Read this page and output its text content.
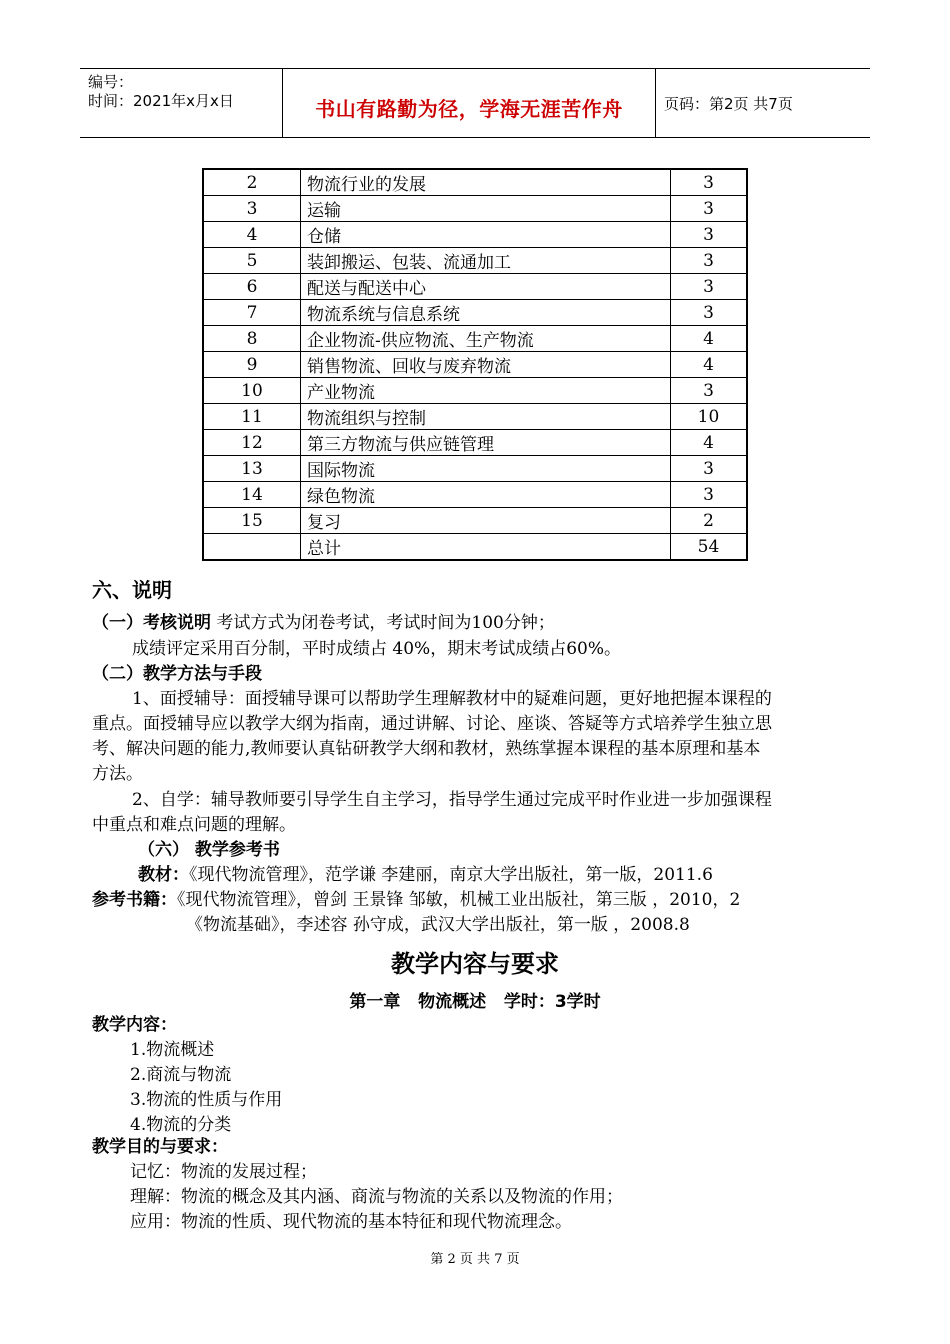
编号：
时间：2021年x月x日	书山有路勤为径，学海无涯苦作舟	页码：第2页 共7页
2	物流行业的发展	3
3	运输	3
4	仓储	3
5	装卸搬运、包装、流通加工	3
6	配送与配送中心	3
7	物流系统与信息系统	3
8	企业物流-供应物流、生产物流	4
9	销售物流、回收与废弃物流	4
10	产业物流	3
11	物流组织与控制	10
12	第三方物流与供应链管理	4
13	国际物流	3
14	绿色物流	3
15	复习	2
	总计	54
六、说明
（一）考核说明 考试方式为闭卷考试，考试时间为100分钟；
成绩评定采用百分制，平时成绩占 40%，期末考试成绩占60%。
（二）教学方法与手段
1、面授辅导：面授辅导课可以帮助学生理解教材中的疑难问题，更好地把握本课程的
重点。面授辅导应以教学大纲为指南，通过讲解、讨论、座谈、答疑等方式培养学生独立思
考、解决问题的能力,教师要认真钻研教学大纲和教材，熟练掌握本课程的基本原理和基本
方法。
2、自学：辅导教师要引导学生自主学习，指导学生通过完成平时作业进一步加强课程
中重点和难点问题的理解。
（六） 教学参考书
教材：《现代物流管理》，范学谦 李建丽，南京大学出版社，第一版，2011.6
参考书籍：《现代物流管理》，曾剑 王景锋 邹敏，机械工业出版社，第三版 ，2010，2
《物流基础》，李述容 孙守成，武汉大学出版社，第一版 ，2008.8
教学内容与要求
第一章   物流概述   学时：3学时
教学内容：
1.物流概述
2.商流与物流
3.物流的性质与作用
4.物流的分类
教学目的与要求：
记忆：物流的发展过程；
理解：物流的概念及其内涵、商流与物流的关系以及物流的作用；
应用：物流的性质、现代物流的基本特征和现代物流理念。
第 2 页 共 7 页
